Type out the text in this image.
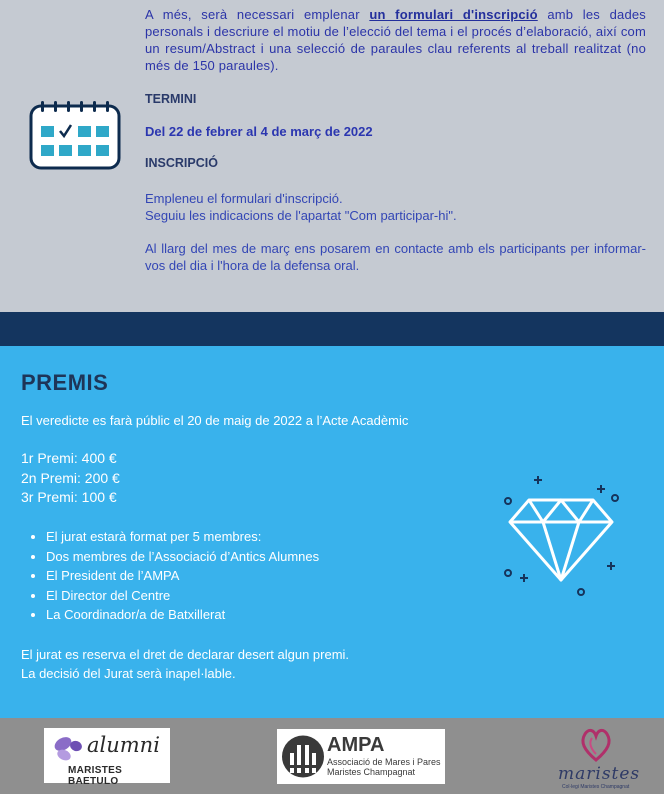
A més, serà necessari emplenar un formulari d'inscripció amb les dades personals i descriure el motiu de l’elecció del tema i el procés d’elaboració, així com un resum/Abstract i una selecció de paraules clau referents al treball realitzat (no més de 150 paraules).
TERMINI
Del 22 de febrer al 4 de març de 2022
INSCRIPCIÓ
Empleneu el formulari d'inscripció.
Seguiu les indicacions de l'apartat "Com participar-hi".
Al llarg del mes de març ens posarem en contacte amb els participants per informar-vos del dia i l'hora de la defensa oral.
PREMIS
El veredicte es farà públic el 20 de maig de 2022 a l’Acte Acadèmic
1r Premi: 400 €
2n Premi: 200 €
3r Premi: 100 €
• El jurat estarà format per 5 membres:
• Dos membres de l’Associació d’Antics Alumnes
• El President de l’AMPA
• El Director del Centre
• La Coordinador/a de Batxillerat
El jurat es reserva el dret de declarar desert algun premi.
La decisió del Jurat serà inapel·lable.
alumni
MARISTES BAETULO
AMPA
Associació de Mares i Pares
Maristes Champagnat	maristes
Col·legi Maristes Champagnat
